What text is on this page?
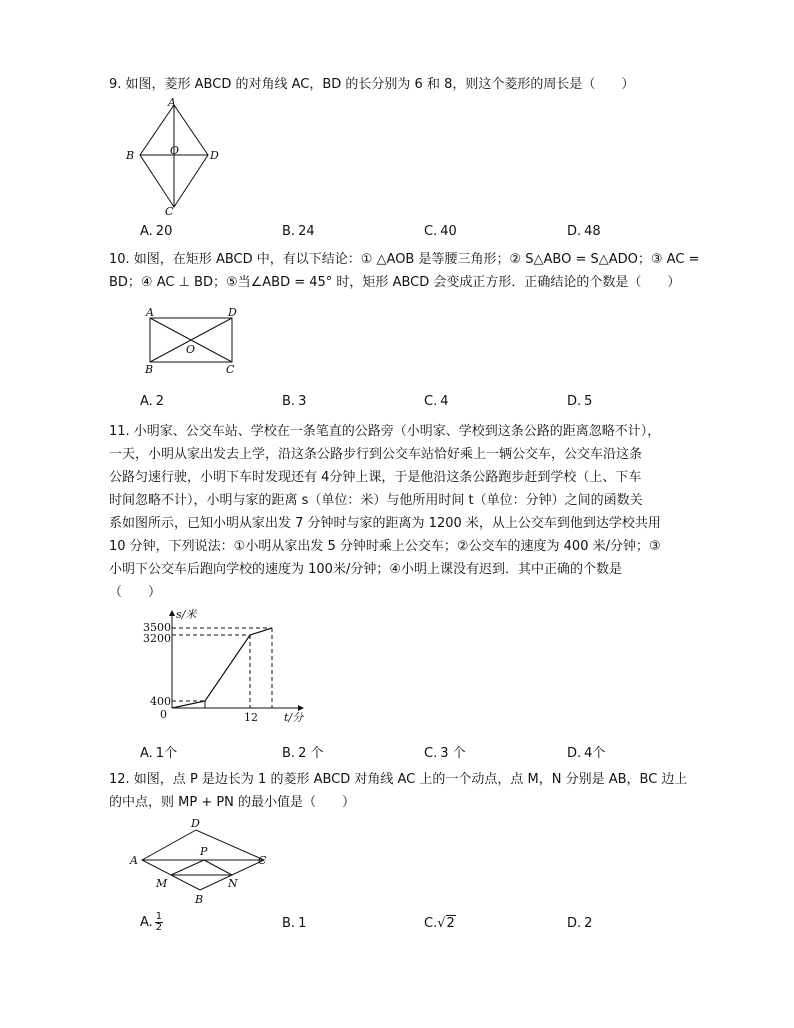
9. 如图，菱形 ABCD 的对角线 AC，BD 的长分别为 6 和 8，则这个菱形的周长是（　　）
A
B
C
D
O
A. 20	B. 24	C. 40	D. 48
10. 如图，在矩形 ABCD 中，有以下结论：① △AOB 是等腰三角形；② S△ABO = S△ADO；③ AC =
BD；④ AC ⊥ BD；⑤当∠ABD = 45° 时，矩形 ABCD 会变成正方形．正确结论的个数是（　　）
A	D
O
B	C
A. 2	B. 3	C. 4	D. 5
11. 小明家、公交车站、学校在一条笔直的公路旁（小明家、学校到这条公路的距离忽略不计），
一天，小明从家出发去上学，沿这条公路步行到公交车站恰好乘上一辆公交车，公交车沿这条
公路匀速行驶，小明下车时发现还有 4分钟上课，于是他沿这条公路跑步赶到学校（上、下车
时间忽略不计），小明与家的距离 s（单位：米）与他所用时间 t（单位：分钟）之间的函数关
系如图所示，已知小明从家出发 7 分钟时与家的距离为 1200 米，从上公交车到他到达学校共用
10 分钟，下列说法：①小明从家出发 5 分钟时乘上公交车；②公交车的速度为 400 米/分钟；③
小明下公交车后跑向学校的速度为 100米/分钟；④小明上课没有迟到．其中正确的个数是
（　　）
s/米
3500
3200
400
0	12 t/分
A. 1个	B. 2 个	C. 3 个	D. 4个
12. 如图，点 P 是边长为 1 的菱形 ABCD 对角线 AC 上的一个动点，点 M，N 分别是 AB，BC 边上
的中点，则 MP + PN 的最小值是（　　）
D
A
P
C
M	N
B
A. $\frac{1}{2}$	B. 1	C.√2	D. 2
